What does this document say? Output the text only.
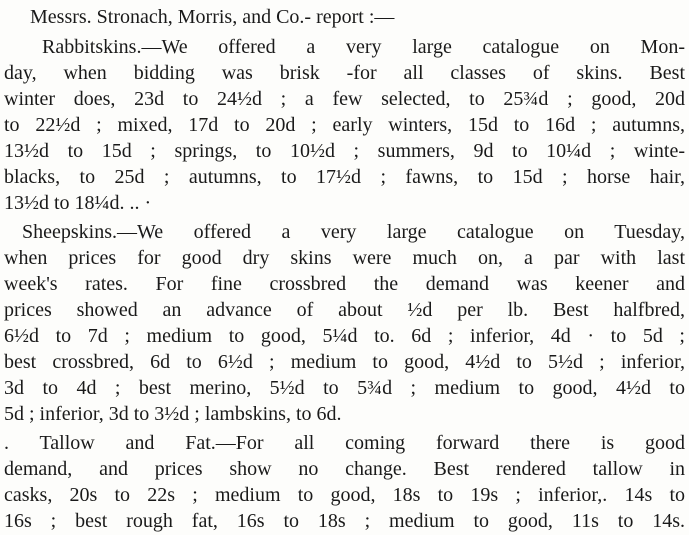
Messrs. Stronach, Morris, and Co.- report :—
Rabbitskins.—We offered a very large catalogue on Mon-
day, when bidding was brisk -for all classes of skins. Best
winter does, 23d to 24½d ; a few selected, to 25¾d ; good, 20d
to 22½d ; mixed, 17d to 20d ; early winters, 15d to 16d ; autumns,
13½d to 15d ; springs, to 10½d ; summers, 9d to 10¼d ; winte-
blacks, to 25d ; autumns, to 17½d ; fawns, to 15d ; horse hair,
13½d to 18¼d. .. ·
Sheepskins.—We offered a very large catalogue on Tuesday,
when prices for good dry skins were much on, a par with last
week's rates. For fine crossbred the demand was keener and
prices showed an advance of about ½d per lb. Best halfbred,
6½d to 7d ; medium to good, 5¼d to. 6d ; inferior, 4d · to 5d ;
best crossbred, 6d to 6½d ; medium to good, 4½d to 5½d ; inferior,
3d to 4d ; best merino, 5½d to 5¾d ; medium to good, 4½d to
5d ; inferior, 3d to 3½d ; lambskins, to 6d.
. Tallow and Fat.—For all coming forward there is good
demand, and prices show no change. Best rendered tallow in
casks, 20s to 22s ; medium to good, 18s to 19s ; inferior,. 14s to
16s ; best rough fat, 16s to 18s ; medium to good, 11s to 14s.
